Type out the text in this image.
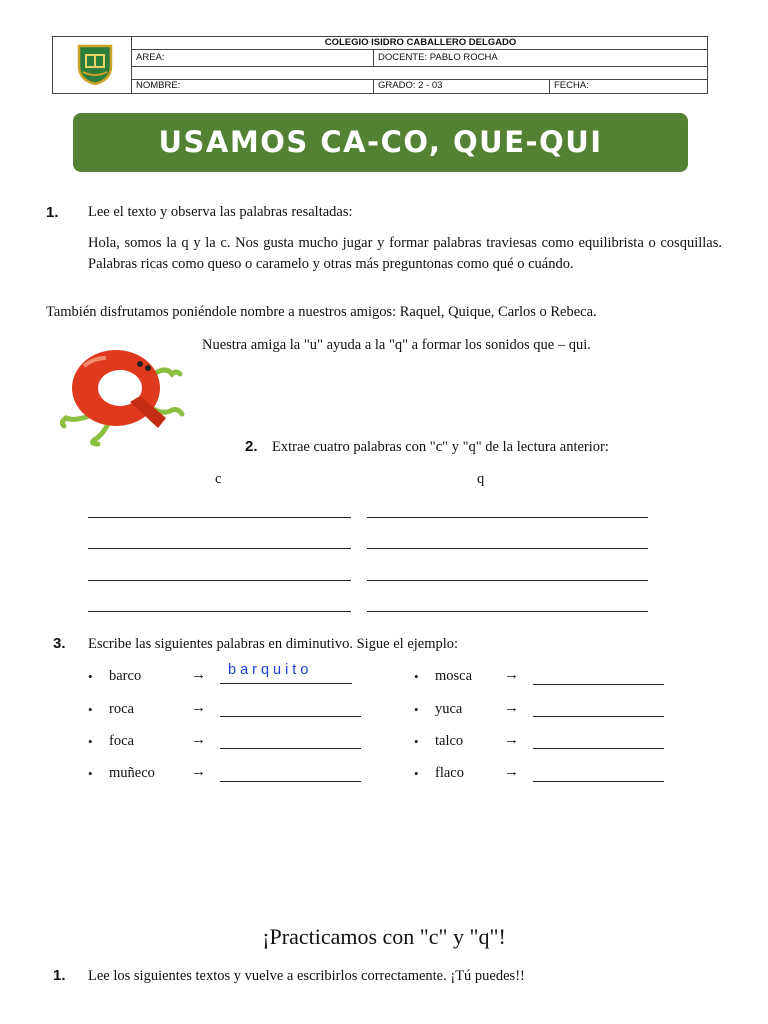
COLEGIO ISIDRO CABALLERO DELGADO
AREA:	DOCENTE: PABLO ROCHA
NOMBRE:	GRADO: 2 - 03	FECHA:
USAMOS CA-CO, QUE-QUI
1. Lee el texto y observa las palabras resaltadas:
Hola, somos la q y la c. Nos gusta mucho jugar y formar palabras traviesas como equilibrista o cosquillas. Palabras ricas como queso o caramelo y otras más preguntonas como qué o cuándo.
También disfrutamos poniéndole nombre a nuestros amigos: Raquel, Quique, Carlos o Rebeca.
Nuestra amiga la "u" ayuda a la "q" a formar los sonidos que – qui.
2. Extrae cuatro palabras con "c" y "q" de la lectura anterior:
c	q
3. Escribe las siguientes palabras en diminutivo. Sigue el ejemplo:
• barco	→ barquito
• roca	→
• foca	→
• muñeco →
• mosca →
• yuca	→
• talco	→
• flaco	→
¡Practicamos con "c" y "q"!
1. Lee los siguientes textos y vuelve a escribirlos correctamente. ¡Tú puedes!!
